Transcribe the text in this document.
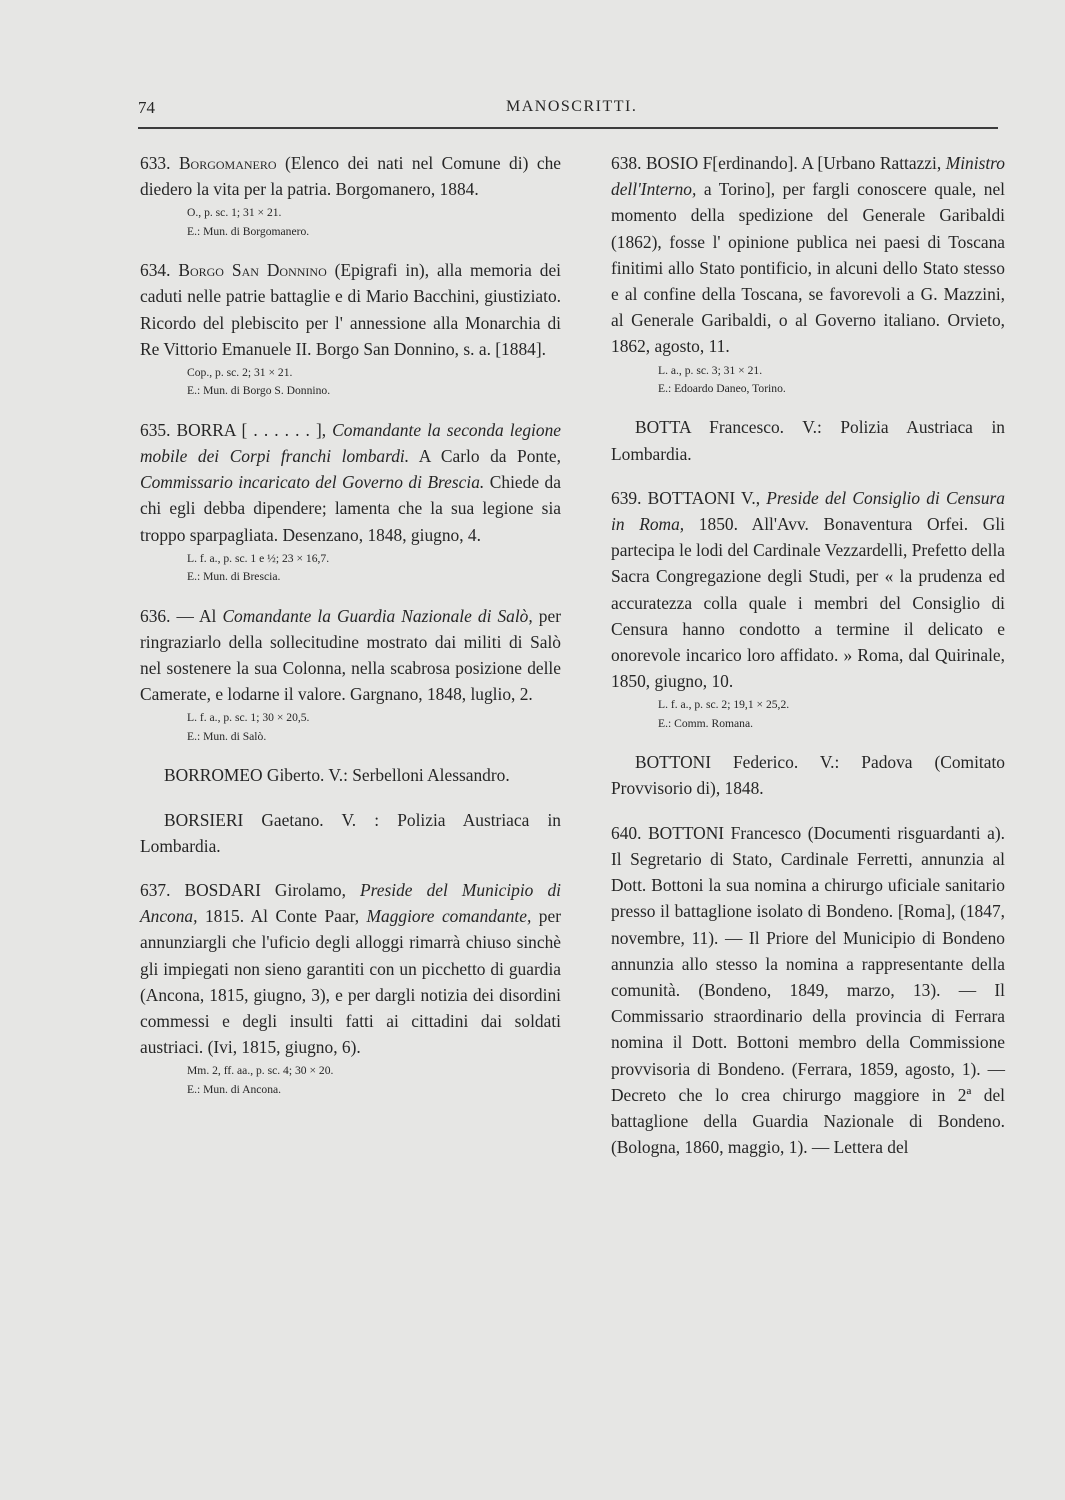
74	MANOSCRITTI.

633. Borgomanero (Elenco dei nati nel Comune di) che diedero la vita per la patria. Borgomanero, 1884.

O., p. sc. 1; 31 × 21.
E.: Mun. di Borgomanero.

634. Borgo San Donnino (Epigrafi in), alla memoria dei caduti nelle patrie battaglie e di Mario Bacchini, giustiziato. Ricordo del plebiscito per l' annessione alla Monarchia di Re Vittorio Emanuele II. Borgo San Donnino, s. a. [1884].

Cop., p. sc. 2; 31 × 21.
E.: Mun. di Borgo S. Donnino.

635. BORRA [ . . . . . . ], Comandante la seconda legione mobile dei Corpi franchi lombardi. A Carlo da Ponte, Commissario incaricato del Governo di Brescia. Chiede da chi egli debba dipendere; lamenta che la sua legione sia troppo sparpagliata. Desenzano, 1848, giugno, 4.

L. f. a., p. sc. 1 e ½; 23 × 16,7.
E.: Mun. di Brescia.

636. — Al Comandante la Guardia Nazionale di Salò, per ringraziarlo della sollecitudine mostrato dai militi di Salò nel sostenere la sua Colonna, nella scabrosa posizione delle Camerate, e lodarne il valore. Gargnano, 1848, luglio, 2.

L. f. a., p. sc. 1; 30 × 20,5.
E.: Mun. di Salò.

BORROMEO Giberto. V.: Serbelloni Alessandro.

BORSIERI Gaetano. V. : Polizia Austriaca in Lombardia.

637. BOSDARI Girolamo, Preside del Municipio di Ancona, 1815. Al Conte Paar, Maggiore comandante, per annunziargli che l'uficio degli alloggi rimarrà chiuso sinchè gli impiegati non sieno garantiti con un picchetto di guardia (Ancona, 1815, giugno, 3), e per dargli notizia dei disordini commessi e degli insulti fatti ai cittadini dai soldati austriaci. (Ivi, 1815, giugno, 6).

Mm. 2, ff. aa., p. sc. 4; 30 × 20.
E.: Mun. di Ancona.

638. BOSIO F[erdinando]. A [Urbano Rattazzi, Ministro dell'Interno, a Torino], per fargli conoscere quale, nel momento della spedizione del Generale Garibaldi (1862), fosse l' opinione publica nei paesi di Toscana finitimi allo Stato pontificio, in alcuni dello Stato stesso e al confine della Toscana, se favorevoli a G. Mazzini, al Generale Garibaldi, o al Governo italiano. Orvieto, 1862, agosto, 11.

L. a., p. sc. 3; 31 × 21.
E.: Edoardo Daneo, Torino.

BOTTA Francesco. V.: Polizia Austriaca in Lombardia.

639. BOTTAONI V., Preside del Consiglio di Censura in Roma, 1850. All'Avv. Bonaventura Orfei. Gli partecipa le lodi del Cardinale Vezzardelli, Prefetto della Sacra Congregazione degli Studi, per « la prudenza ed accuratezza colla quale i membri del Consiglio di Censura hanno condotto a termine il delicato e onorevole incarico loro affidato. » Roma, dal Quirinale, 1850, giugno, 10.

L. f. a., p. sc. 2; 19,1 × 25,2.
E.: Comm. Romana.

BOTTONI Federico. V.: Padova (Comitato Provvisorio di), 1848.

640. BOTTONI Francesco (Documenti risguardanti a). Il Segretario di Stato, Cardinale Ferretti, annunzia al Dott. Bottoni la sua nomina a chirurgo uficiale sanitario presso il battaglione isolato di Bondeno. [Roma], (1847, novembre, 11). — Il Priore del Municipio di Bondeno annunzia allo stesso la nomina a rappresentante della comunità. (Bondeno, 1849, marzo, 13). — Il Commissario straordinario della provincia di Ferrara nomina il Dott. Bottoni membro della Commissione provvisoria di Bondeno. (Ferrara, 1859, agosto, 1). — Decreto che lo crea chirurgo maggiore in 2ª del battaglione della Guardia Nazionale di Bondeno. (Bologna, 1860, maggio, 1). — Lettera del
